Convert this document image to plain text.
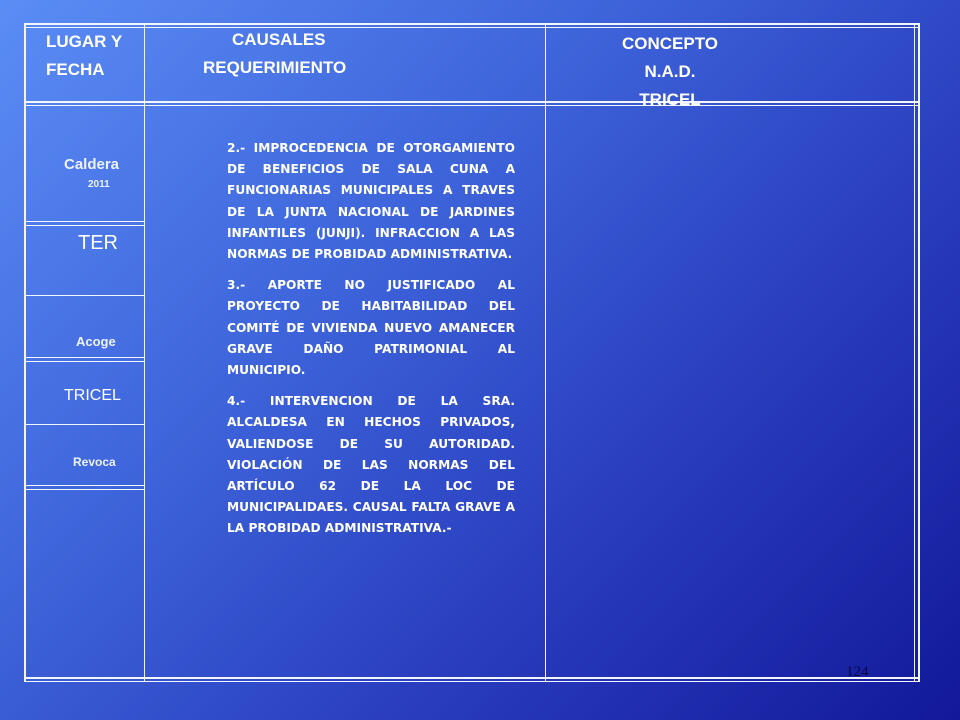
LUGAR Y
FECHA
CAUSALES
REQUERIMIENTO
CONCEPTO
N.A.D.
TRICEL
Caldera
2011
TER
Acoge
TRICEL
Revoca

2.- IMPROCEDENCIA DE OTORGAMIENTO DE BENEFICIOS DE SALA CUNA A FUNCIONARIAS MUNICIPALES A TRAVES DE LA JUNTA NACIONAL DE JARDINES INFANTILES (JUNJI). INFRACCION A LAS NORMAS DE PROBIDAD ADMINISTRATIVA.

3.- APORTE NO JUSTIFICADO AL PROYECTO DE HABITABILIDAD DEL COMITÉ DE VIVIENDA NUEVO AMANECER GRAVE DAÑO PATRIMONIAL AL MUNICIPIO.

4.- INTERVENCION DE LA SRA. ALCALDESA EN HECHOS PRIVADOS, VALIENDOSE DE SU AUTORIDAD. VIOLACIÓN DE LAS NORMAS DEL ARTÍCULO 62 DE LA LOC DE MUNICIPALIDAES. CAUSAL FALTA GRAVE A LA PROBIDAD ADMINISTRATIVA.-

124
